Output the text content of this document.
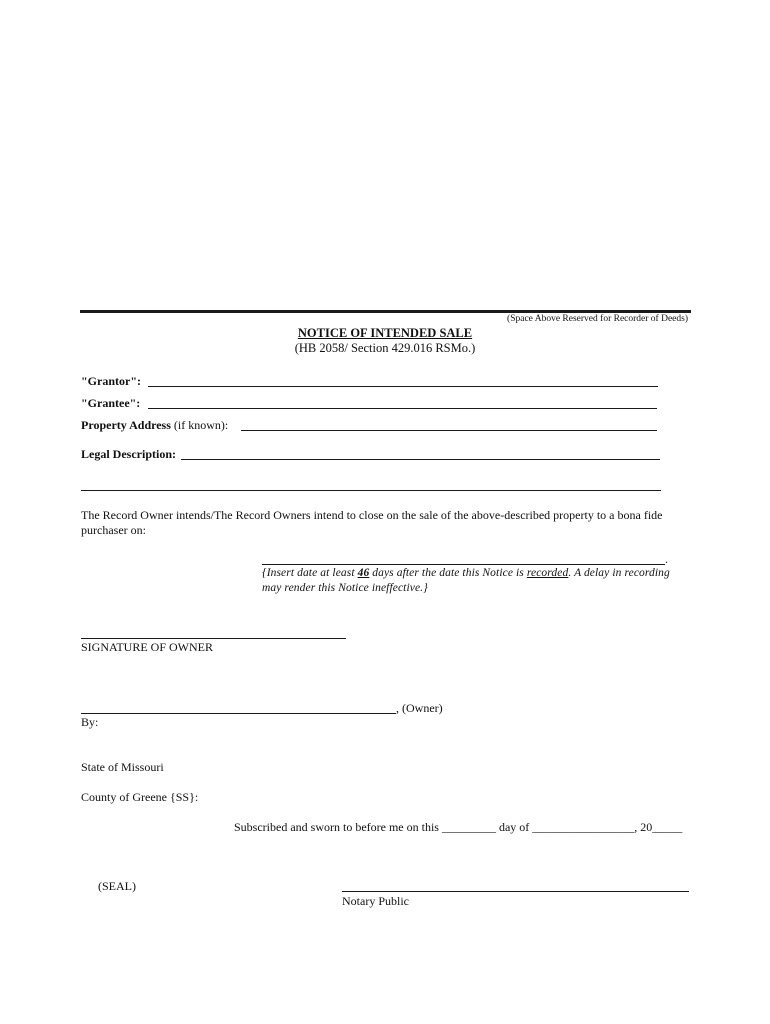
(Space Above Reserved for Recorder of Deeds)
NOTICE OF INTENDED SALE
(HB 2058/ Section 429.016 RSMo.)
"Grantor":
"Grantee":
Property Address (if known):
Legal Description:
The Record Owner intends/The Record Owners intend to close on the sale of the above-described property to a bona fide purchaser on:
.
{Insert date at least 46 days after the date this Notice is recorded. A delay in recording may render this Notice ineffective.}
SIGNATURE OF OWNER
, (Owner)
By:
State of Missouri
County of Greene {SS}:
Subscribed and sworn to before me on this _________ day of _________________, 20_____
(SEAL)
Notary Public
